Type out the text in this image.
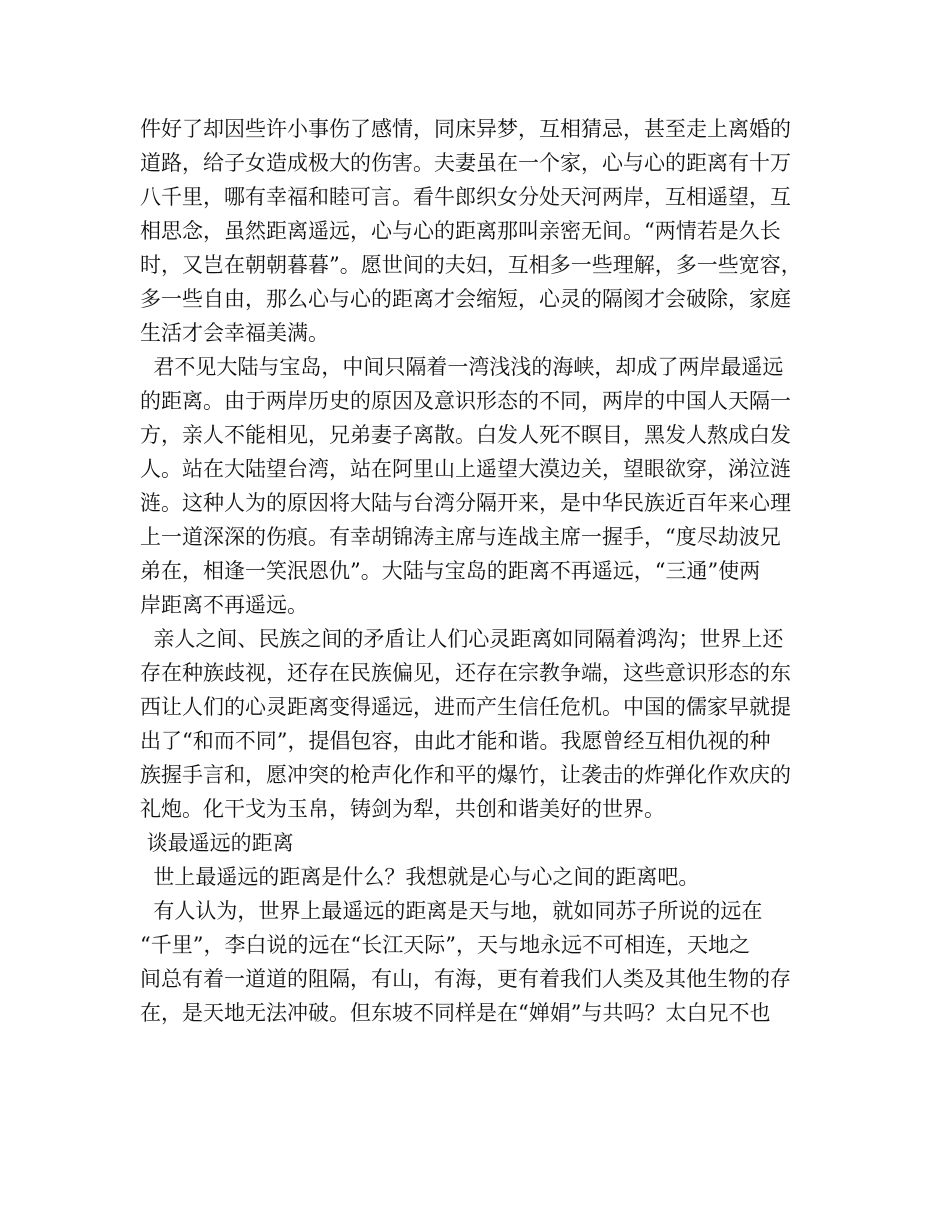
件好了却因些许小事伤了感情，同床异梦，互相猜忌，甚至走上离婚的
道路，给子女造成极大的伤害。夫妻虽在一个家，心与心的距离有十万
八千里，哪有幸福和睦可言。看牛郎织女分处天河两岸，互相遥望，互
相思念，虽然距离遥远，心与心的距离那叫亲密无间。“两情若是久长
时，又岂在朝朝暮暮”。愿世间的夫妇，互相多一些理解，多一些宽容，
多一些自由，那么心与心的距离才会缩短，心灵的隔阂才会破除，家庭
生活才会幸福美满。
君不见大陆与宝岛，中间只隔着一湾浅浅的海峡，却成了两岸最遥远
的距离。由于两岸历史的原因及意识形态的不同，两岸的中国人天隔一
方，亲人不能相见，兄弟妻子离散。白发人死不瞑目，黑发人熬成白发
人。站在大陆望台湾，站在阿里山上遥望大漠边关，望眼欲穿，涕泣涟
涟。这种人为的原因将大陆与台湾分隔开来，是中华民族近百年来心理
上一道深深的伤痕。有幸胡锦涛主席与连战主席一握手，“度尽劫波兄
弟在，相逢一笑泯恩仇”。大陆与宝岛的距离不再遥远，“三通”使两
岸距离不再遥远。
亲人之间、民族之间的矛盾让人们心灵距离如同隔着鸿沟；世界上还
存在种族歧视，还存在民族偏见，还存在宗教争端，这些意识形态的东
西让人们的心灵距离变得遥远，进而产生信任危机。中国的儒家早就提
出了“和而不同”，提倡包容，由此才能和谐。我愿曾经互相仇视的种
族握手言和，愿冲突的枪声化作和平的爆竹，让袭击的炸弹化作欢庆的
礼炮。化干戈为玉帛，铸剑为犁，共创和谐美好的世界。
谈最遥远的距离
世上最遥远的距离是什么？我想就是心与心之间的距离吧。
有人认为，世界上最遥远的距离是天与地，就如同苏子所说的远在
“千里”，李白说的远在“长江天际”，天与地永远不可相连，天地之
间总有着一道道的阻隔，有山，有海，更有着我们人类及其他生物的存
在，是天地无法冲破。但东坡不同样是在“婵娟”与共吗？太白兄不也
